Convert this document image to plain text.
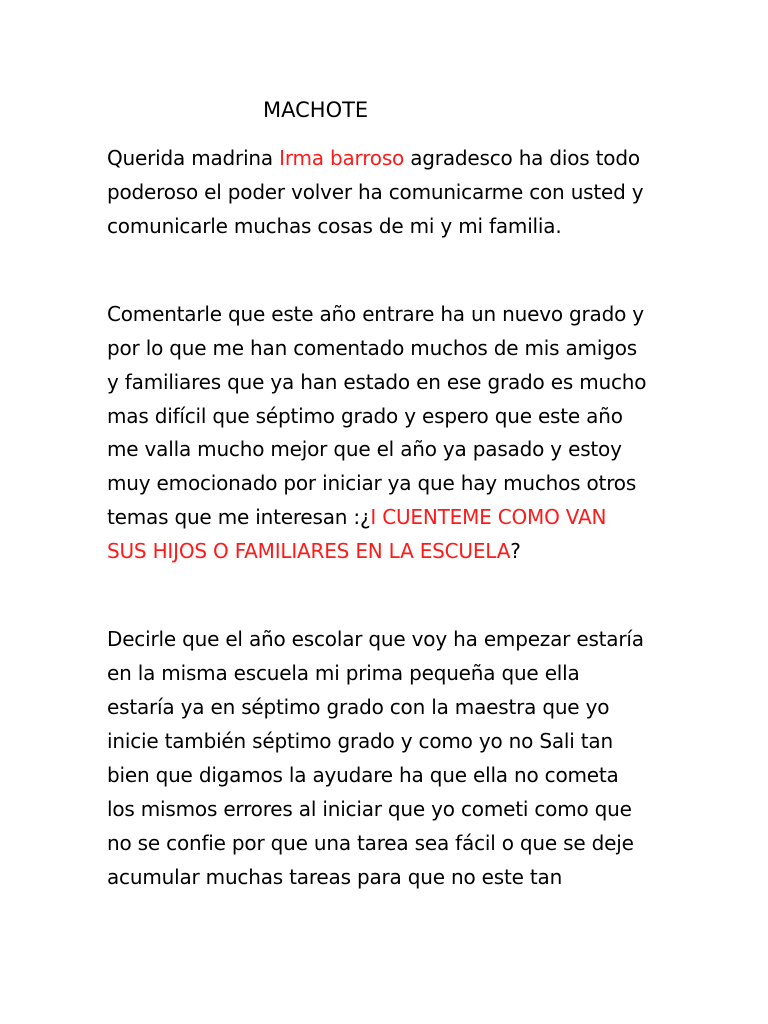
MACHOTE

Querida madrina Irma barroso agradesco ha dios todo

poderoso el poder volver ha comunicarme con usted y

comunicarle muchas cosas de mi y mi familia.

Comentarle que este año entrare ha un nuevo grado y

por lo que me han comentado muchos de mis amigos

y familiares que ya han estado en ese grado es mucho

mas difícil que séptimo grado y espero que este año

me valla mucho mejor que el año ya pasado y estoy

muy emocionado por iniciar ya que hay muchos otros

temas que me interesan :¿I CUENTEME COMO VAN

SUS HIJOS O FAMILIARES EN LA ESCUELA?

Decirle que el año escolar que voy ha empezar estaría

en la misma escuela mi prima pequeña que ella

estaría ya en séptimo grado con la maestra que yo

inicie también séptimo grado y como yo no Sali tan

bien que digamos la ayudare ha que ella no cometa

los mismos errores al iniciar que yo cometi como que

no se confie por que una tarea sea fácil o que se deje

acumular muchas tareas para que no este tan
